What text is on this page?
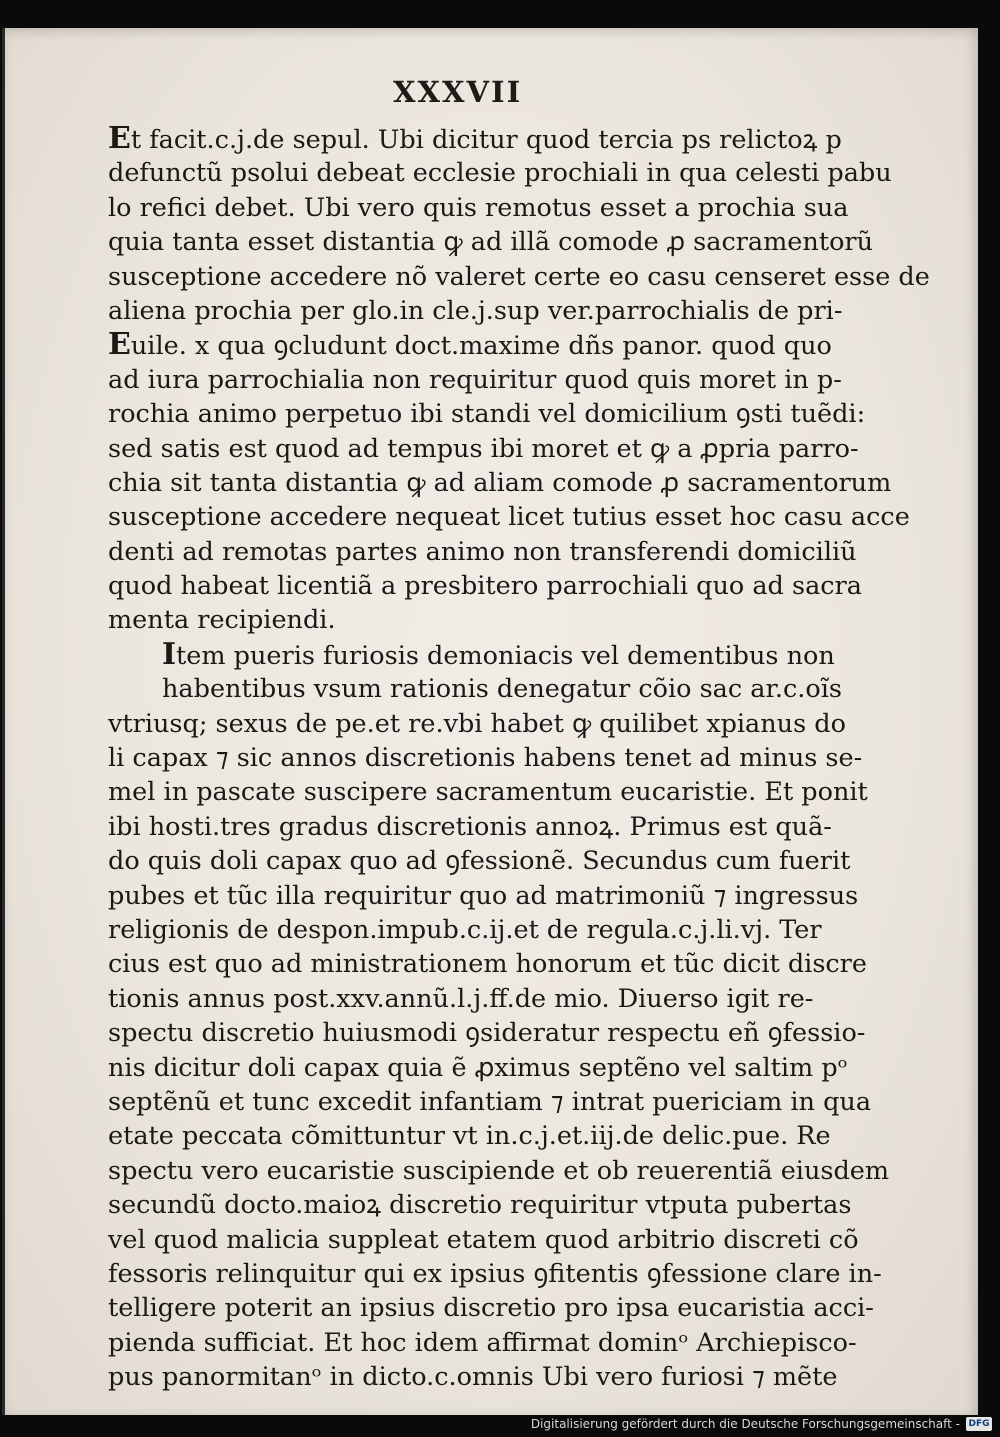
XXXVII
Et facit.c.j.de sepul. Ubi dicitur quod tercia ps relictoꝝ p
defunctũ psolui debeat ecclesie prochiali in qua celesti pabu
lo refici debet. Ubi vero quis remotus esset a prochia sua
quia tanta esset distantia ꝙ ad illã comode ꝓ sacramentorũ
susceptione accedere nõ valeret certe eo casu censeret esse de
aliena prochia per glo.in cle.j.sup ver.parrochialis de pri-
Euile. x qua ꝯcludunt doct.maxime dñs panor. quod quo
ad iura parrochialia non requiritur quod quis moret in p-
rochia animo perpetuo ibi standi vel domicilium ꝯsti tuẽdi:
sed satis est quod ad tempus ibi moret et ꝙ a ꝓpria parro-
chia sit tanta distantia ꝙ ad aliam comode ꝓ sacramentorum
susceptione accedere nequeat licet tutius esset hoc casu acce
denti ad remotas partes animo non transferendi domiciliũ
quod habeat licentiã a presbitero parrochiali quo ad sacra
menta recipiendi.
Item pueris furiosis demoniacis vel dementibus non
habentibus vsum rationis denegatur cõio sac ar.c.oĩs
vtriusq; sexus de pe.et re.vbi habet ꝙ quilibet xpianus do
li capax ⁊ sic annos discretionis habens tenet ad minus se-
mel in pascate suscipere sacramentum eucaristie. Et ponit
ibi hosti.tres gradus discretionis annoꝝ. Primus est quã-
do quis doli capax quo ad ꝯfessionẽ. Secundus cum fuerit
pubes et tũc illa requiritur quo ad matrimoniũ ⁊ ingressus
religionis de despon.impub.c.ij.et de regula.c.j.li.vj. Ter
cius est quo ad ministrationem honorum et tũc dicit discre
tionis annus post.xxv.annũ.l.j.ff.de mio. Diuerso igit re-
spectu discretio huiusmodi ꝯsideratur respectu eñ ꝯfessio-
nis dicitur doli capax quia ẽ ꝓximus septẽno vel saltim pᵒ
septẽnũ et tunc excedit infantiam ⁊ intrat puericiam in qua
etate peccata cõmittuntur vt in.c.j.et.iij.de delic.pue. Re
spectu vero eucaristie suscipiende et ob reuerentiã eiusdem
secundũ docto.maioꝝ discretio requiritur vtputa pubertas
vel quod malicia suppleat etatem quod arbitrio discreti cõ
fessoris relinquitur qui ex ipsius ꝯfitentis ꝯfessione clare in-
telligere poterit an ipsius discretio pro ipsa eucaristia acci-
pienda sufficiat. Et hoc idem affirmat dominᵒ Archiepisco-
pus panormitanᵒ in dicto.c.omnis Ubi vero furiosi ⁊ mẽte
Digitalisierung gefördert durch die Deutsche Forschungsgemeinschaft - DFG
